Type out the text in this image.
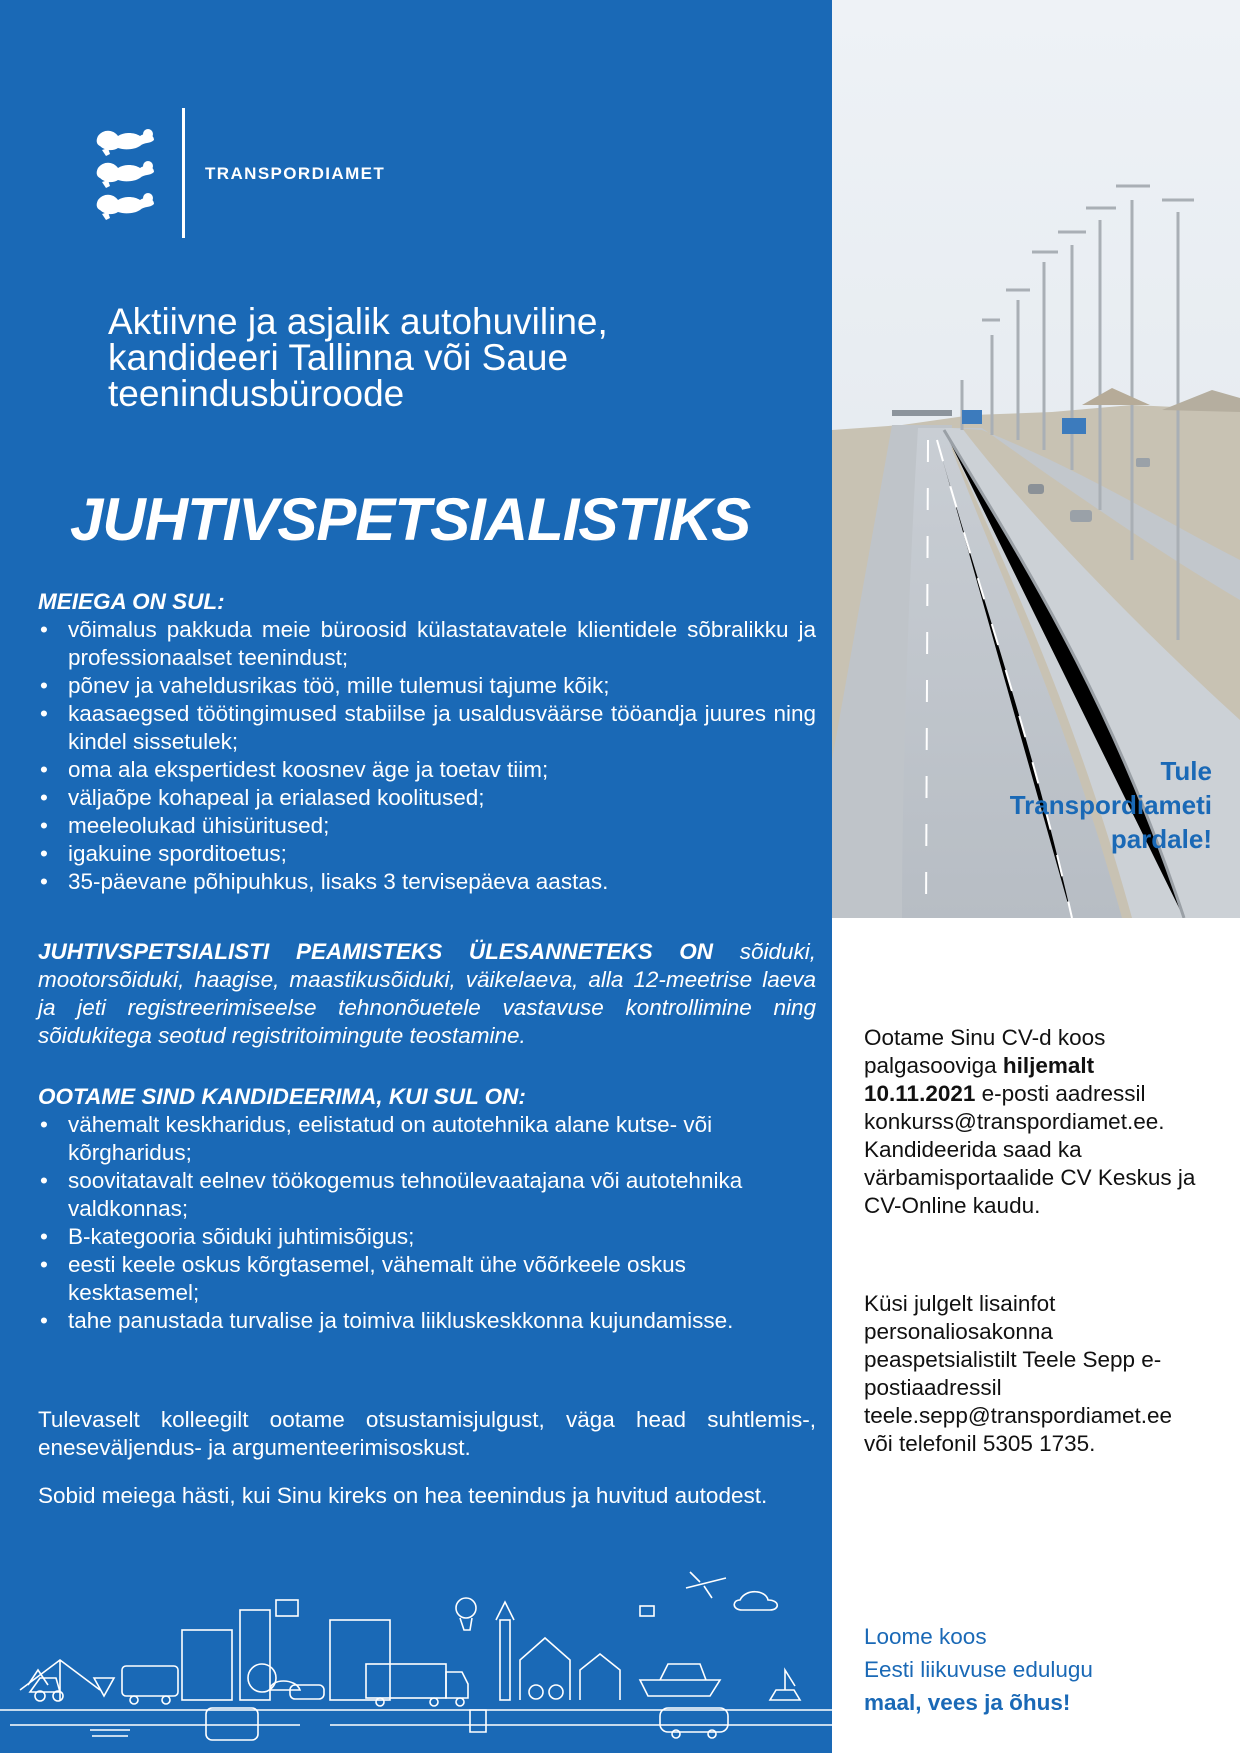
TRANSPORDIAMET
Aktiivne ja asjalik autohuviline, kandideeri Tallinna või Saue teenindusbüroode
JUHTIVSPETSIALISTIKS
MEIEGA ON SUL:
• võimalus pakkuda meie büroosid külastatavatele klientidele sõbralikku ja professionaalset teenindust;
• põnev ja vaheldusrikas töö, mille tulemusi tajume kõik;
• kaasaegsed töötingimused stabiilse ja usaldusväärse tööandja juures ning kindel sissetulek;
• oma ala ekspertidest koosnev äge ja toetav tiim;
• väljaõpe kohapeal ja erialased koolitused;
• meeleolukad ühisüritused;
• igakuine sporditoetus;
• 35-päevane põhipuhkus, lisaks 3 tervisepäeva aastas.
JUHTIVSPETSIALISTI PEAMISTEKS ÜLESANNETEKS ON sõiduki, mootorsõiduki, haagise, maastikusõiduki, väikelaeva, alla 12-meetrise laeva ja jeti registreerimiseelse tehnonõuetele vastavuse kontrollimine ning sõidukitega seotud registritoimingute teostamine.
OOTAME SIND KANDIDEERIMA, KUI SUL ON:
• vähemalt keskharidus, eelistatud on autotehnika alane kutse- või kõrgharidus;
• soovitatavalt eelnev töökogemus tehnoülevaatajana või autotehnika valdkonnas;
• B-kategooria sõiduki juhtimisõigus;
• eesti keele oskus kõrgtasemel, vähemalt ühe võõrkeele oskus kesktasemel;
• tahe panustada turvalise ja toimiva liikluskeskkonna kujundamisse.
Tulevaselt kolleegilt ootame otsustamisjulgust, väga head suhtlemis-, eneseväljendus- ja argumenteerimisoskust.
Sobid meiega hästi, kui Sinu kireks on hea teenindus ja huvitud autodest.
Tule
Transpordiameti
pardale!
Ootame Sinu CV-d koos palgasooviga hiljemalt 10.11.2021 e-posti aadressil konkurss@transpordiamet.ee. Kandideerida saad ka värbamisportaalide CV Keskus ja CV-Online kaudu.
Küsi julgelt lisainfot personaliosakonna peaspetsialistilt Teele Sepp e-postiaadressil teele.sepp@transpordiamet.ee või telefonil 5305 1735.
Loome koos
Eesti liikuvuse edulugu
maal, vees ja õhus!
